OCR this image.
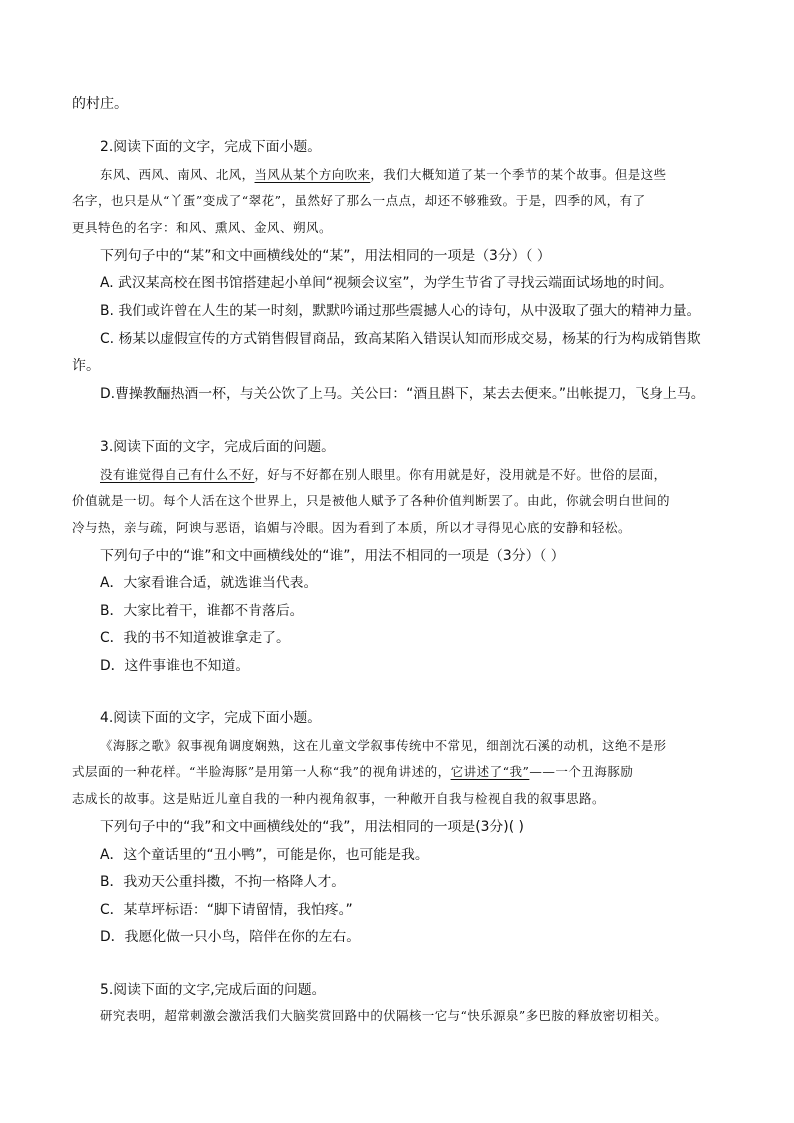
的村庄。
2.阅读下面的文字，完成下面小题。
东风、西风、南风、北风，当风从某个方向吹来，我们大概知道了某一个季节的某个故事。但是这些
名字，也只是从“丫蛋”变成了“翠花”，虽然好了那么一点点，却还不够雅致。于是，四季的风，有了
更具特色的名字：和风、熏风、金风、朔风。
下列句子中的“某”和文中画横线处的“某”，用法相同的一项是（3分）（ ）
A. 武汉某高校在图书馆搭建起小单间“视频会议室”，为学生节省了寻找云端面试场地的时间。
B. 我们或许曾在人生的某一时刻，默默吟诵过那些震撼人心的诗句，从中汲取了强大的精神力量。
C. 杨某以虚假宣传的方式销售假冒商品，致高某陷入错误认知而形成交易，杨某的行为构成销售欺
诈。
D.曹操教酾热酒一杯，与关公饮了上马。关公曰：“酒且斟下，某去去便来。”出帐提刀，飞身上马。
3.阅读下面的文字，完成后面的问题。
没有谁觉得自己有什么不好，好与不好都在别人眼里。你有用就是好，没用就是不好。世俗的层面，
价值就是一切。每个人活在这个世界上，只是被他人赋予了各种价值判断罢了。由此，你就会明白世间的
冷与热，亲与疏，阿谀与恶语，谄媚与冷眼。因为看到了本质，所以才寻得见心底的安静和轻松。
下列句子中的“谁”和文中画横线处的“谁”，用法不相同的一项是（3分）（ ）
A．大家看谁合适，就选谁当代表。
B．大家比着干，谁都不肯落后。
C．我的书不知道被谁拿走了。
D．这件事谁也不知道。
4.阅读下面的文字，完成下面小题。
《海豚之歌》叙事视角调度娴熟，这在儿童文学叙事传统中不常见，细剖沈石溪的动机，这绝不是形
式层面的一种花样。“半脸海豚”是用第一人称“我”的视角讲述的，它讲述了“我”——一个丑海豚励
志成长的故事。这是贴近儿童自我的一种内视角叙事，一种敞开自我与检视自我的叙事思路。
下列句子中的“我”和文中画横线处的“我”，用法相同的一项是(3分)( )
A．这个童话里的“丑小鸭”，可能是你，也可能是我。
B．我劝天公重抖擞，不拘一格降人才。
C．某草坪标语：“脚下请留情，我怕疼。”
D．我愿化做一只小鸟，陪伴在你的左右。
5.阅读下面的文字,完成后面的问题。
研究表明，超常刺激会激活我们大脑奖赏回路中的伏隔核一它与“快乐源泉”多巴胺的释放密切相关。
